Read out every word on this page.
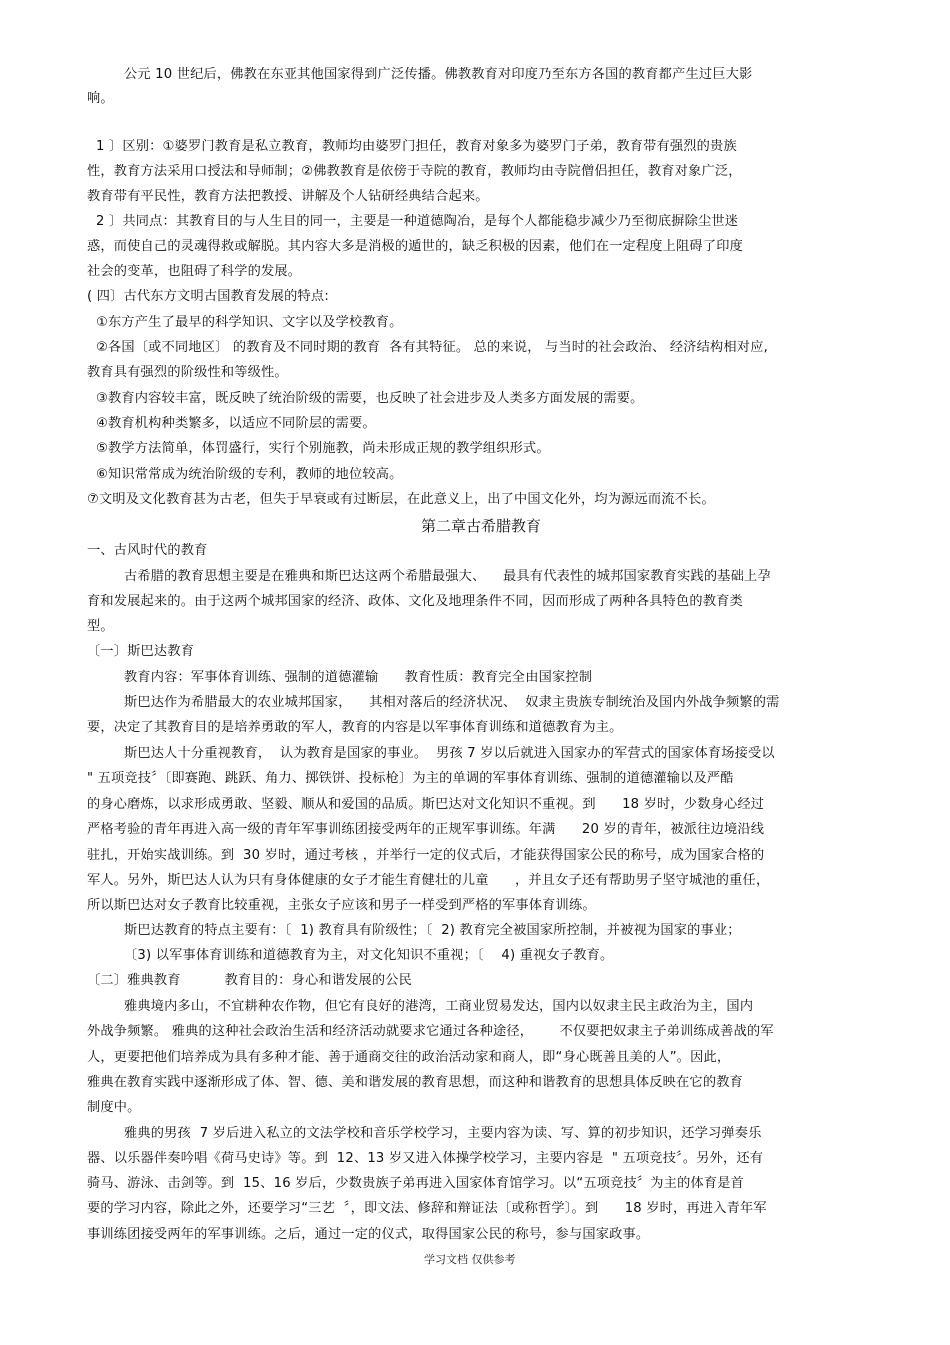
公元 10 世纪后，佛教在东亚其他国家得到广泛传播。佛教教育对印度乃至东方各国的教育都产生过巨大影
响。
1 〕区别：①婆罗门教育是私立教育，教师均由婆罗门担任，教育对象多为婆罗门子弟，教育带有强烈的贵族
性，教育方法采用口授法和导师制；②佛教教育是依傍于寺院的教育，教师均由寺院僧侣担任，教育对象广泛，
教育带有平民性，教育方法把教授、讲解及个人钻研经典结合起来。
2 〕共同点：其教育目的与人生目的同一，主要是一种道德陶冶，是每个人都能稳步减少乃至彻底摒除尘世迷
惑，而使自己的灵魂得救或解脱。其内容大多是消极的遁世的，缺乏积极的因素，他们在一定程度上阻碍了印度
社会的变革，也阻碍了科学的发展。
( 四〕古代东方文明古国教育发展的特点:
①东方产生了最早的科学知识、文字以及学校教育。
②各国〔或不同地区〕 的教育及不同时期的教育  各有其特征。 总的来说， 与当时的社会政治、 经济结构相对应,
教育具有强烈的阶级性和等级性。
③教育内容较丰富，既反映了统治阶级的需要，也反映了社会进步及人类多方面发展的需要。
④教育机构种类繁多，以适应不同阶层的需要。
⑤教学方法简单，体罚盛行，实行个别施教，尚未形成正规的教学组织形式。
⑥知识常常成为统治阶级的专利，教师的地位较高。
⑦文明及文化教育甚为古老，但失于早衰或有过断层，在此意义上，出了中国文化外，均为源远而流不长。
第二章古希腊教育
一、古风时代的教育
古希腊的教育思想主要是在雅典和斯巴达这两个希腊最强大、    最具有代表性的城邦国家教育实践的基础上孕
育和发展起来的。由于这两个城邦国家的经济、政体、文化及地理条件不同，因而形成了两种各具特色的教育类
型。
〔一〕斯巴达教育
教育内容：军事体育训练、强制的道德灌输      教育性质：教育完全由国家控制
斯巴达作为希腊最大的农业城邦国家，    其相对落后的经济状况、  奴隶主贵族专制统治及国内外战争频繁的需
要，决定了其教育目的是培养勇敢的军人，教育的内容是以军事体育训练和道德教育为主。
斯巴达人十分重视教育，  认为教育是国家的事业。  男孩 7 岁以后就进入国家办的军营式的国家体育场接受以
" 五项竞技〞〔即赛跑、跳跃、角力、掷铁饼、投标枪〕为主的单调的军事体育训练、强制的道德灌输以及严酷
的身心磨炼，以求形成勇敢、坚毅、顺从和爱国的品质。斯巴达对文化知识不重视。到      18 岁时，少数身心经过
严格考验的青年再进入高一级的青年军事训练团接受两年的正规军事训练。年满      20 岁的青年，被派往边境沿线
驻扎，开始实战训练。到  30 岁时，通过考核 ，并举行一定的仪式后，才能获得国家公民的称号，成为国家合格的
军人。另外，斯巴达人认为只有身体健康的女子才能生育健壮的儿童      ，并且女子还有帮助男子坚守城池的重任，
所以斯巴达对女子教育比较重视，主张女子应该和男子一样受到严格的军事体育训练。
斯巴达教育的特点主要有：〔  1) 教育具有阶级性；〔  2) 教育完全被国家所控制，并被视为国家的事业；
〔3) 以军事体育训练和道德教育为主，对文化知识不重视；〔    4) 重视女子教育。
〔二〕雅典教育          教育目的：身心和谐发展的公民
雅典境内多山，不宜耕种农作物，但它有良好的港湾，工商业贸易发达，国内以奴隶主民主政治为主，国内
外战争频繁。 雅典的这种社会政治生活和经济活动就要求它通过各种途径，      不仅要把奴隶主子弟训练成善战的军
人，更要把他们培养成为具有多种才能、善于通商交往的政治活动家和商人，即“身心既善且美的人”。因此，
雅典在教育实践中逐渐形成了体、智、德、美和谐发展的教育思想，而这种和谐教育的思想具体反映在它的教育
制度中。
雅典的男孩  7 岁后进入私立的文法学校和音乐学校学习，主要内容为读、写、算的初步知识，还学习弹奏乐
器、以乐器伴奏吟唱《荷马史诗》等。到  12、13 岁又进入体操学校学习，主要内容是  " 五项竞技〞。另外，还有
骑马、游泳、击剑等。到  15、16 岁后，少数贵族子弟再进入国家体育馆学习。以“五项竞技〞为主的体育是首
要的学习内容，除此之外，还要学习“三艺  〞，即文法、修辞和辩证法〔或称哲学〕。到      18 岁时，再进入青年军
事训练团接受两年的军事训练。之后，通过一定的仪式，取得国家公民的称号，参与国家政事。
学习文档 仅供参考
